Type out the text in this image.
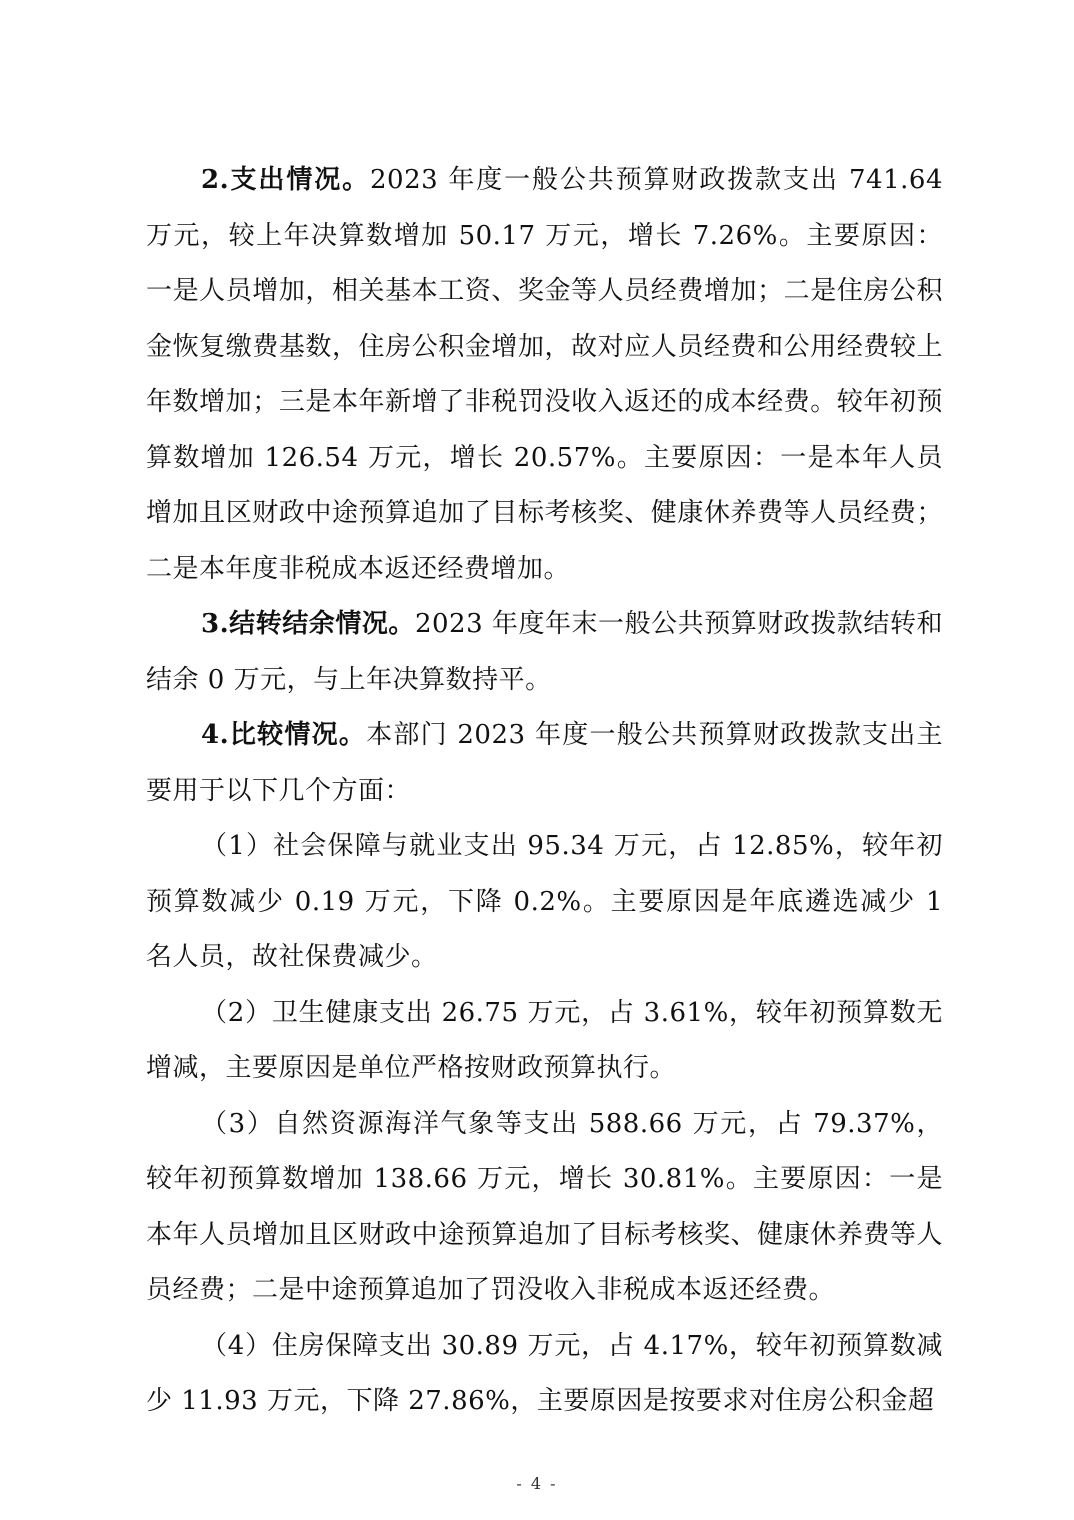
2.支出情况。2023 年度一般公共预算财政拨款支出 741.64 万元，较上年决算数增加 50.17 万元，增长 7.26%。主要原因：一是人员增加，相关基本工资、奖金等人员经费增加；二是住房公积金恢复缴费基数，住房公积金增加，故对应人员经费和公用经费较上年数增加；三是本年新增了非税罚没收入返还的成本经费。较年初预算数增加 126.54 万元，增长 20.57%。主要原因：一是本年人员增加且区财政中途预算追加了目标考核奖、健康休养费等人员经费；二是本年度非税成本返还经费增加。

3.结转结余情况。2023 年度年末一般公共预算财政拨款结转和结余 0 万元，与上年决算数持平。

4.比较情况。本部门 2023 年度一般公共预算财政拨款支出主要用于以下几个方面：

（1）社会保障与就业支出 95.34 万元，占 12.85%，较年初预算数减少 0.19 万元，下降 0.2%。主要原因是年底遴选减少 1 名人员，故社保费减少。

（2）卫生健康支出 26.75 万元，占 3.61%，较年初预算数无增减，主要原因是单位严格按财政预算执行。

（3）自然资源海洋气象等支出 588.66 万元，占 79.37%，较年初预算数增加 138.66 万元，增长 30.81%。主要原因：一是本年人员增加且区财政中途预算追加了目标考核奖、健康休养费等人员经费；二是中途预算追加了罚没收入非税成本返还经费。

（4）住房保障支出 30.89 万元，占 4.17%，较年初预算数减少 11.93 万元，下降 27.86%，主要原因是按要求对住房公积金超

- 4 -
